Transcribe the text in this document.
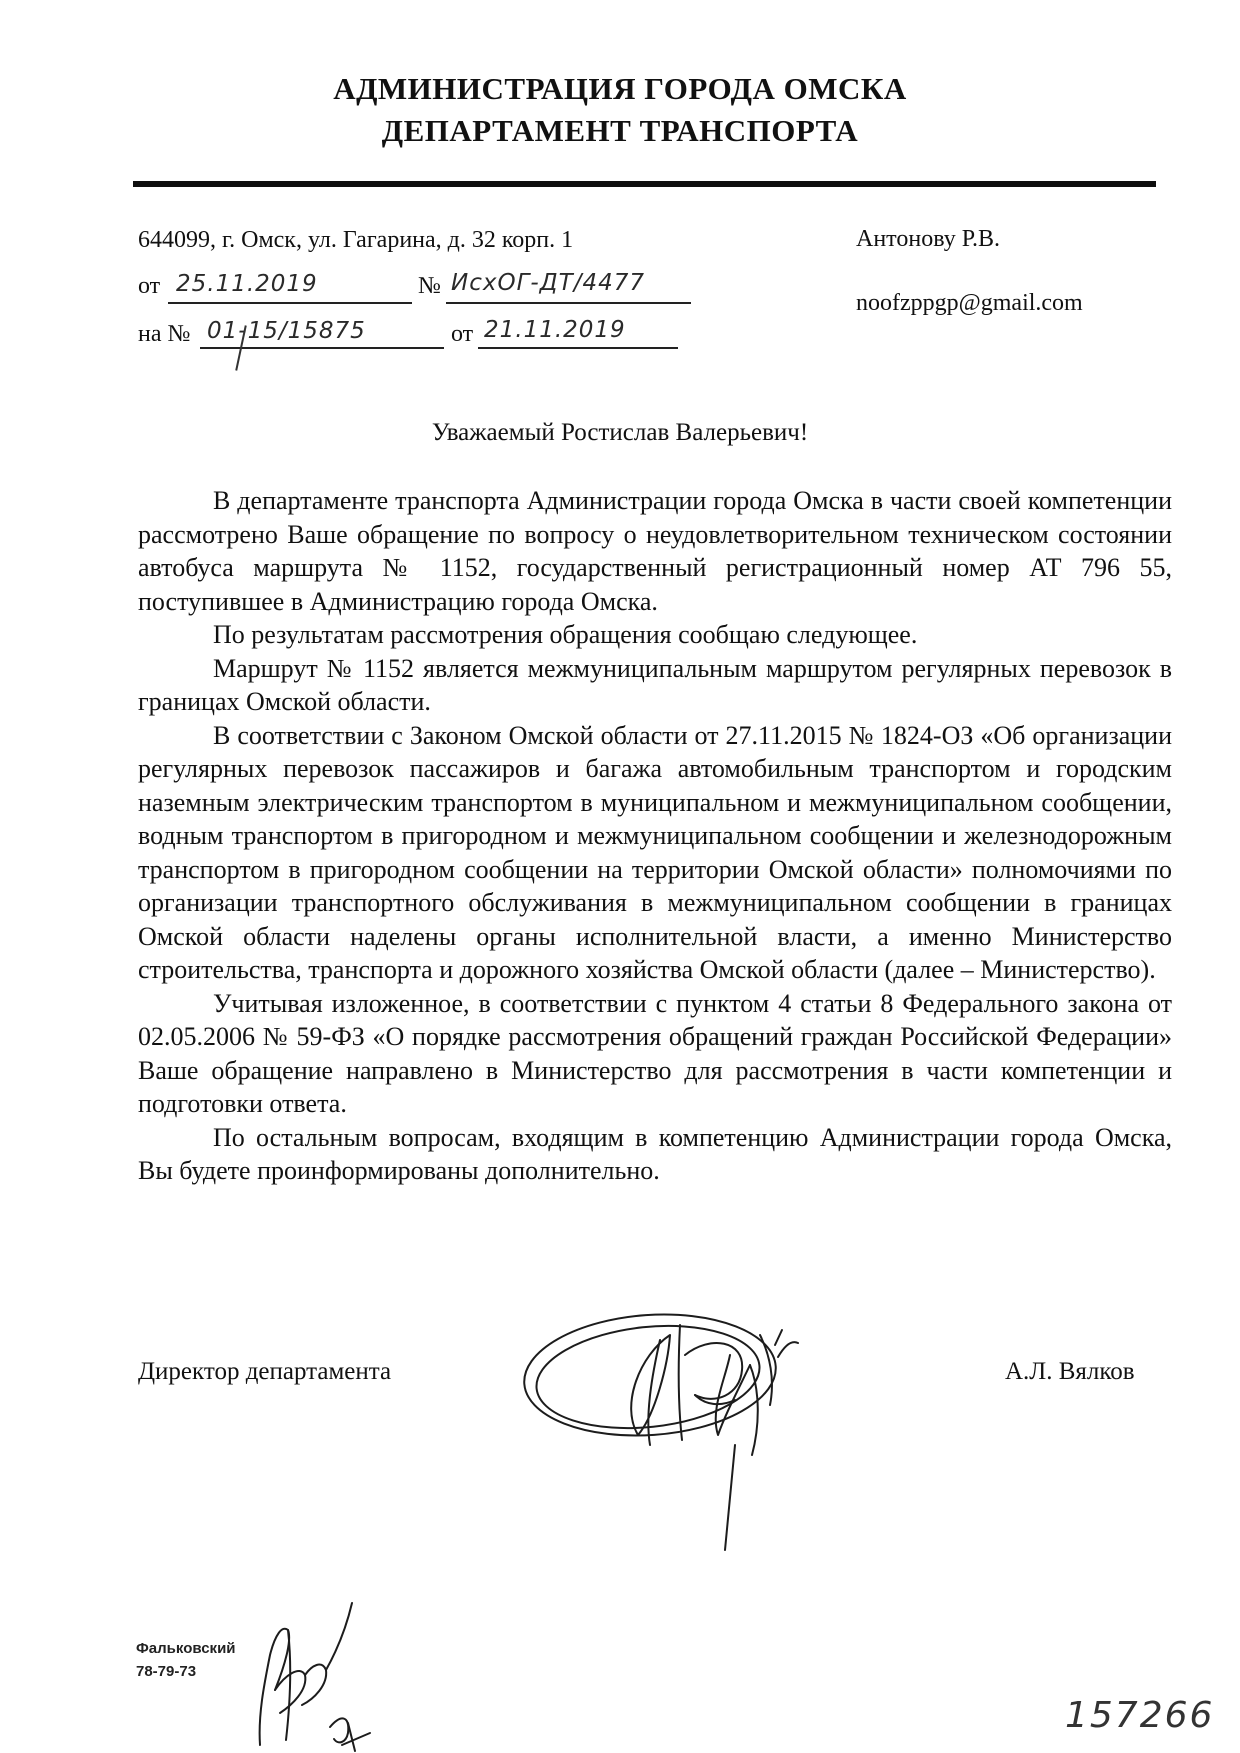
АДМИНИСТРАЦИЯ ГОРОДА ОМСКА
ДЕПАРТАМЕНТ ТРАНСПОРТА
644099, г. Омск, ул. Гагарина, д. 32 корп. 1	Антонову Р.В.
noofzppgp@gmail.com
от 25.11.2019	№ ИсхОГ-ДТ/4477
на № 01-15/15875	от 21.11.2019
Уважаемый Ростислав Валерьевич!

В департаменте транспорта Администрации города Омска в части своей компетенции рассмотрено Ваше обращение по вопросу о неудовлетворительном техническом состоянии автобуса маршрута № 1152, государственный регистрационный номер АТ 796 55, поступившее в Администрацию города Омска.

По результатам рассмотрения обращения сообщаю следующее.

Маршрут № 1152 является межмуниципальным маршрутом регулярных перевозок в границах Омской области.

В соответствии с Законом Омской области от 27.11.2015 № 1824-ОЗ «Об организации регулярных перевозок пассажиров и багажа автомобильным транспортом и городским наземным электрическим транспортом в муниципальном и межмуниципальном сообщении, водным транспортом в пригородном и межмуниципальном сообщении и железнодорожным транспортом в пригородном сообщении на территории Омской области» полномочиями по организации транспортного обслуживания в межмуниципальном сообщении в границах Омской области наделены органы исполнительной власти, а именно Министерство строительства, транспорта и дорожного хозяйства Омской области (далее – Министерство).

Учитывая изложенное, в соответствии с пунктом 4 статьи 8 Федерального закона от 02.05.2006 № 59-ФЗ «О порядке рассмотрения обращений граждан Российской Федерации» Ваше обращение направлено в Министерство для рассмотрения в части компетенции и подготовки ответа.

По остальным вопросам, входящим в компетенцию Администрации города Омска, Вы будете проинформированы дополнительно.

Директор департамента	А.Л. Вялков
Фальковский
78-79-73
157266
